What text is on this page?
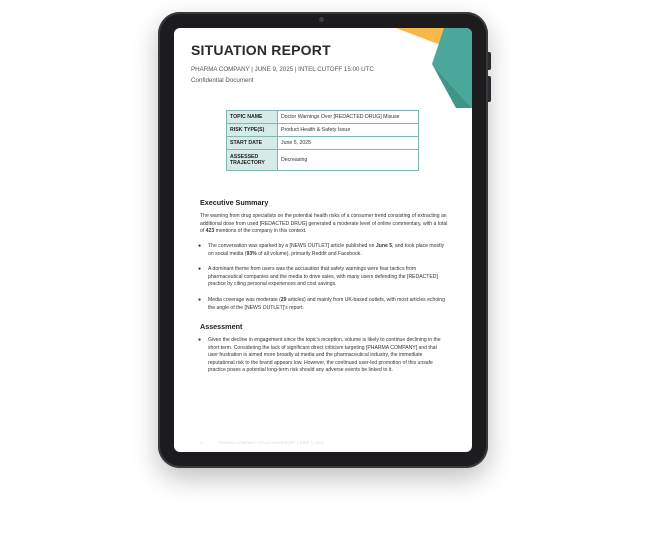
SITUATION REPORT
PHARMA COMPANY | JUNE 9, 2025 | INTEL CUTOFF 15:00 UTC
Confidential Document
TOPIC NAME	Doctor Warnings Over [REDACTED DRUG] Misuse
RISK TYPE(S)	Product Health & Safety Issue
START DATE	June 5, 2025
ASSESSED TRAJECTORY	Decreasing
Executive Summary
The warning from drug specialists on the potential health risks of a consumer trend consisting of extracting an additional dose from used [REDACTED DRUG] generated a moderate level of online commentary, with a total of 423 mentions of the company in this context.
● The conversation was sparked by a [NEWS OUTLET] article published on June 5, and took place mostly on social media (93% of all volume), primarily Reddit and Facebook.
● A dominant theme from users was the accusation that safety warnings were fear tactics from pharmaceutical companies and the media to drive sales, with many users defending the [REDACTED] practice by citing personal experiences and cost savings.
● Media coverage was moderate (29 articles) and mainly from UK-based outlets, with most articles echoing the angle of the [NEWS OUTLET]'s report.
Assessment
● Given the decline in engagement since the topic's inception, volume is likely to continue declining in the short term. Considering the lack of significant direct criticism targeting [PHARMA COMPANY] and that user frustration is aimed more broadly at media and the pharmaceutical industry, the immediate reputational risk to the brand appears low. However, the continued user-led promotion of this unsafe practice poses a potential long-term risk should any adverse events be linked to it.
1	PHARMA COMPANY SITUATION REPORT | JUNE 9, 2025
